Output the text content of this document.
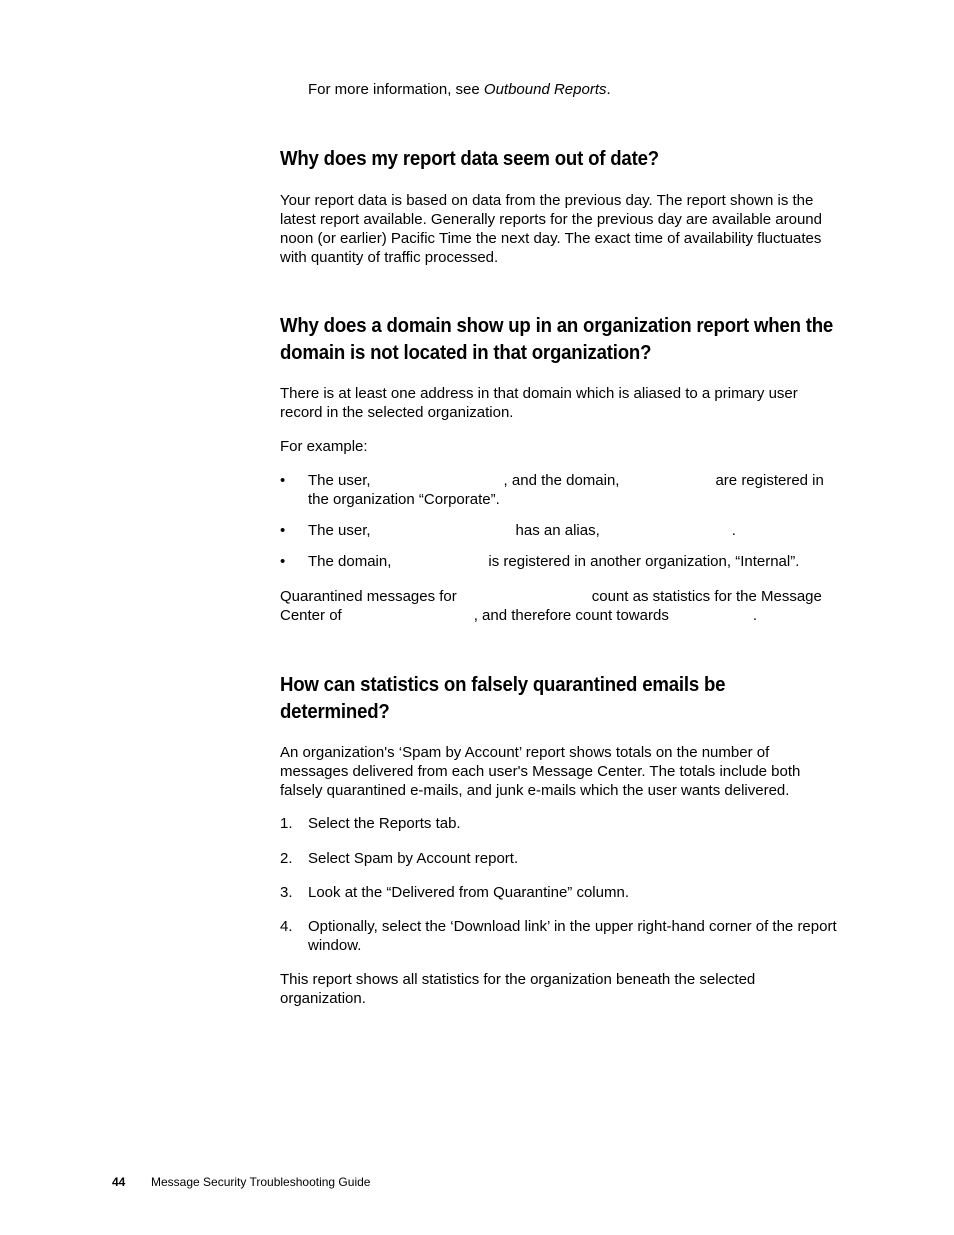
For more information, see Outbound Reports.

Why does my report data seem out of date?

Your report data is based on data from the previous day. The report shown is the latest report available. Generally reports for the previous day are available around noon (or earlier) Pacific Time the next day. The exact time of availability fluctuates with quantity of traffic processed.

Why does a domain show up in an organization report when the domain is not located in that organization?

There is at least one address in that domain which is aliased to a primary user record in the selected organization.

For example:

• The user,	, and the domain,	are registered in the organization “Corporate”.
• The user,	has an alias,	.
• The domain,	is registered in another organization, “Internal”.

Quarantined messages for	count as statistics for the Message Center of	, and therefore count towards	.

How can statistics on falsely quarantined emails be determined?

An organization's ‘Spam by Account’ report shows totals on the number of messages delivered from each user's Message Center. The totals include both falsely quarantined e-mails, and junk e-mails which the user wants delivered.

1. Select the Reports tab.
2. Select Spam by Account report.
3. Look at the “Delivered from Quarantine” column.
4. Optionally, select the ‘Download link’ in the upper right-hand corner of the report window.

This report shows all statistics for the organization beneath the selected organization.

44 Message Security Troubleshooting Guide
